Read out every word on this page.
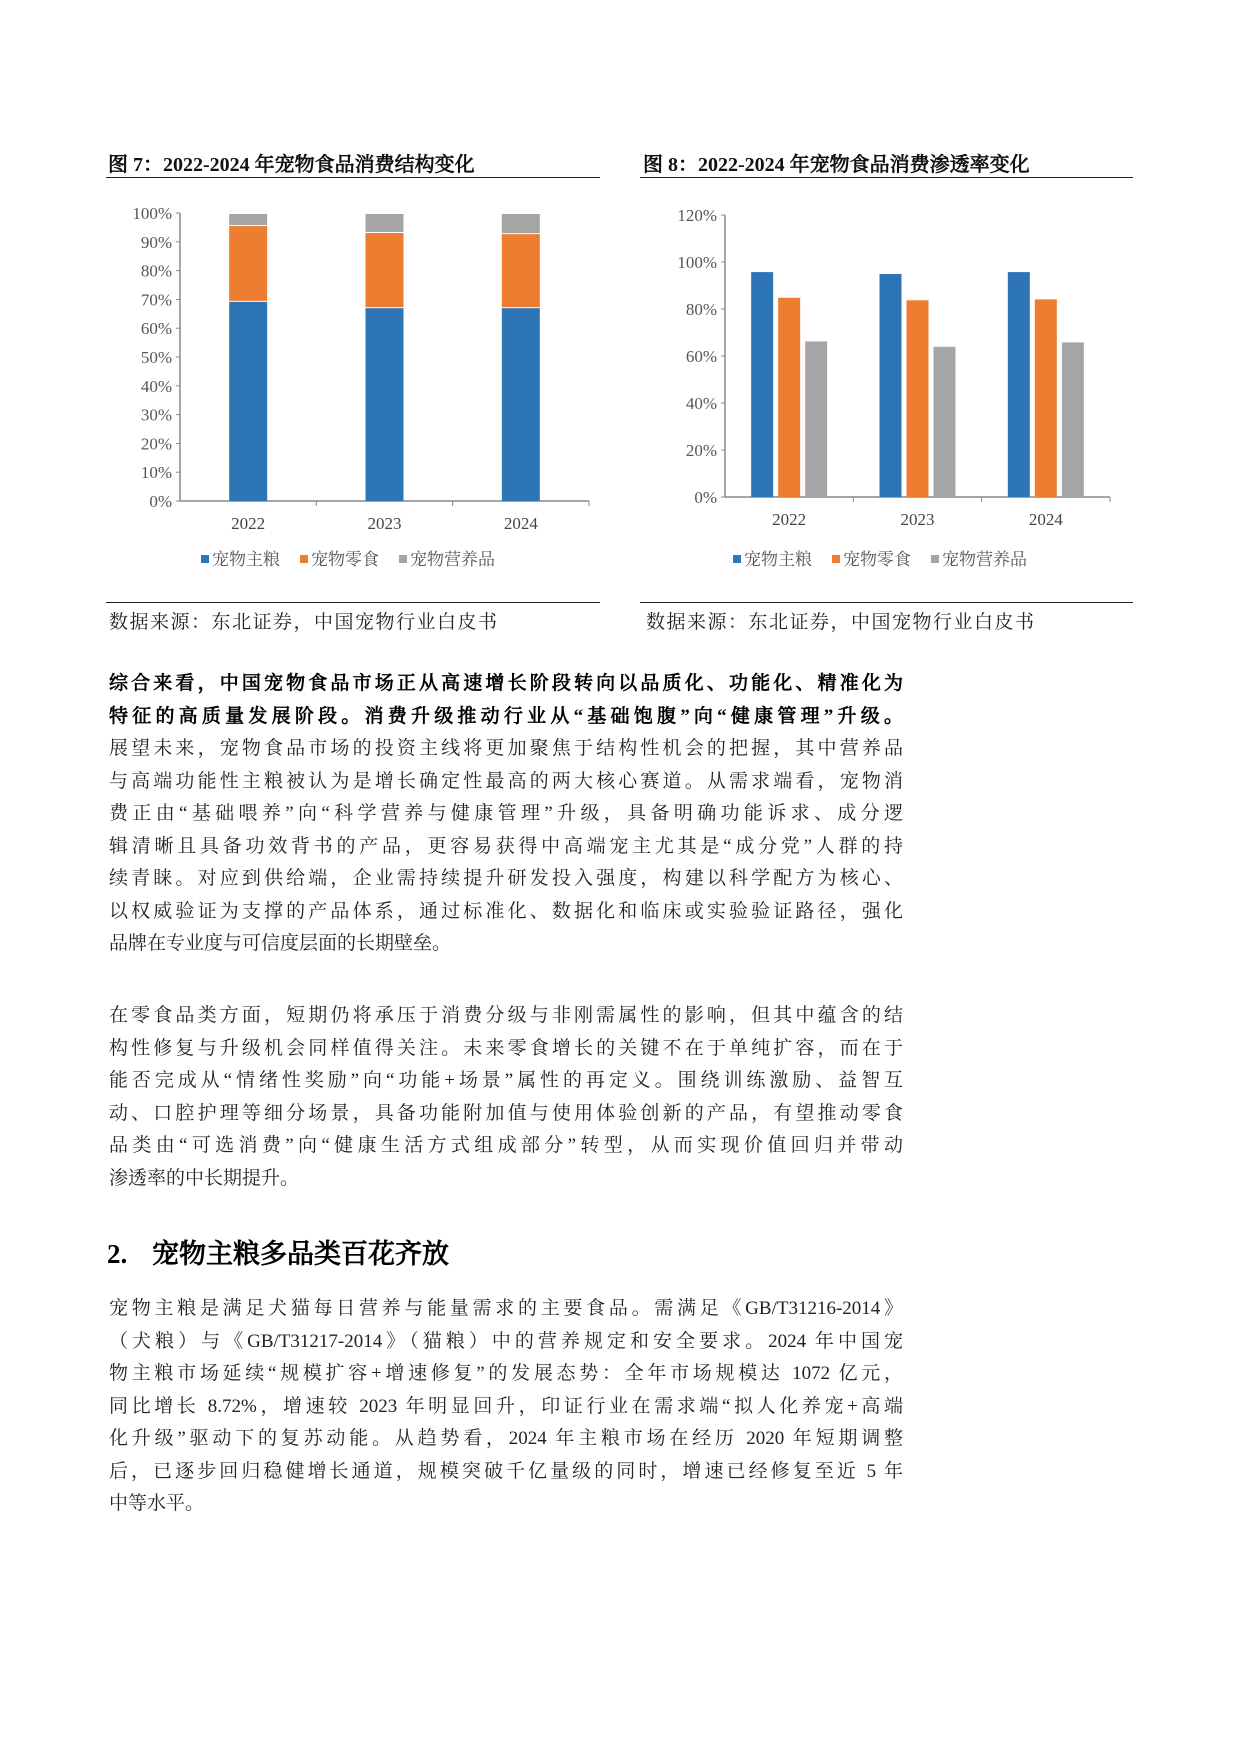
图 7：2022-2024 年宠物食品消费结构变化
0%
10%
20%
30%
40%
50%
60%
70%
80%
90%
100%
2022	2023	2024
宠物主粮 宠物零食 宠物营养品
数据来源：东北证券，中国宠物行业白皮书
图 8：2022-2024 年宠物食品消费渗透率变化
0%
20%
40%
60%
80%
100%
120%
2022	2023	2024
宠物主粮 宠物零食 宠物营养品
数据来源：东北证券，中国宠物行业白皮书
综合来看，中国宠物食品市场正从高速增长阶段转向以品质化、功能化、精准化为
特征的高质量发展阶段。消费升级推动行业从“基础饱腹”向“健康管理”升级。
展望未来，宠物食品市场的投资主线将更加聚焦于结构性机会的把握，其中营养品
与高端功能性主粮被认为是增长确定性最高的两大核心赛道。从需求端看，宠物消
费正由“基础喂养”向“科学营养与健康管理”升级，具备明确功能诉求、成分逻
辑清晰且具备功效背书的产品，更容易获得中高端宠主尤其是“成分党”人群的持
续青睐。对应到供给端，企业需持续提升研发投入强度，构建以科学配方为核心、
以权威验证为支撑的产品体系，通过标准化、数据化和临床或实验验证路径，强化
品牌在专业度与可信度层面的长期壁垒。
在零食品类方面，短期仍将承压于消费分级与非刚需属性的影响，但其中蕴含的结
构性修复与升级机会同样值得关注。未来零食增长的关键不在于单纯扩容，而在于
能否完成从“情绪性奖励”向“功能+场景”属性的再定义。围绕训练激励、益智互
动、口腔护理等细分场景，具备功能附加值与使用体验创新的产品，有望推动零食
品类由“可选消费”向“健康生活方式组成部分”转型，从而实现价值回归并带动
渗透率的中长期提升。
2. 宠物主粮多品类百花齐放
宠物主粮是满足犬猫每日营养与能量需求的主要食品。需满足《GB/T31216-2014》
（犬粮）与《GB/T31217-2014》（猫粮）中的营养规定和安全要求。2024 年中国宠
物主粮市场延续“规模扩容+增速修复”的发展态势：全年市场规模达 1072 亿元，
同比增长 8.72%，增速较 2023 年明显回升，印证行业在需求端“拟人化养宠+高端
化升级”驱动下的复苏动能。从趋势看，2024 年主粮市场在经历 2020 年短期调整
后，已逐步回归稳健增长通道，规模突破千亿量级的同时，增速已经修复至近 5 年
中等水平。
